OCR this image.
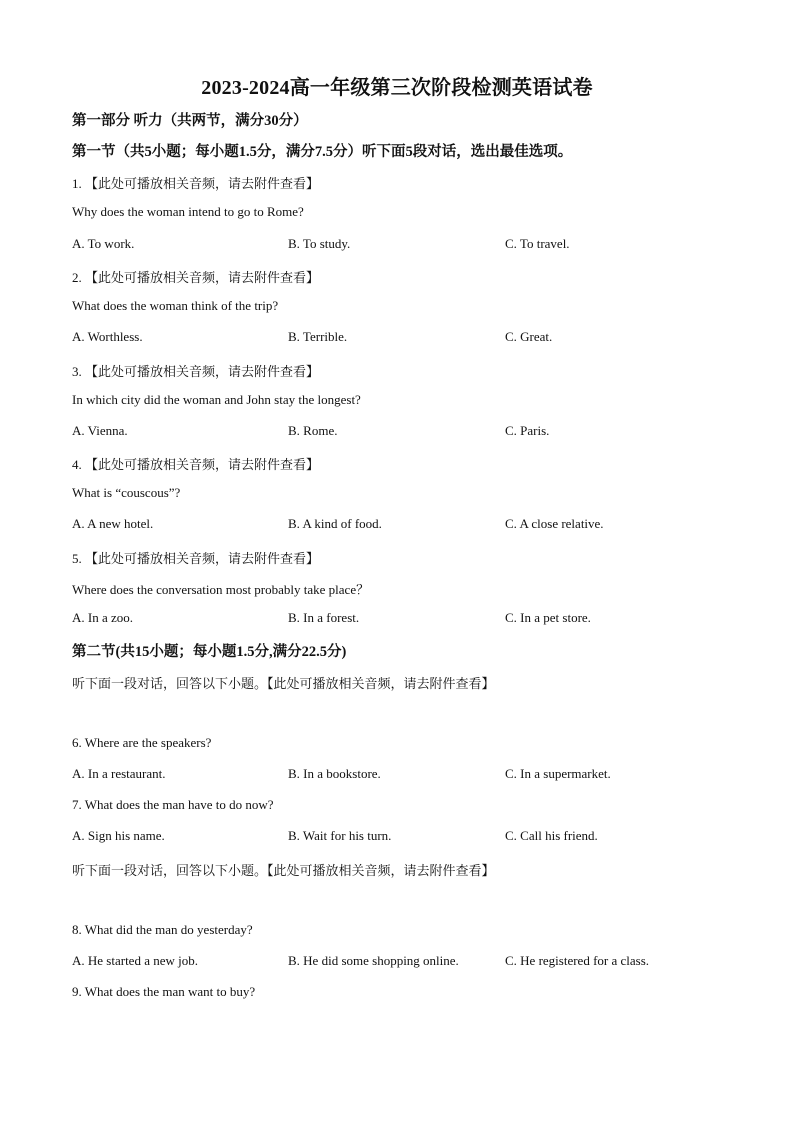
2023-2024高一年级第三次阶段检测英语试卷
第一部分 听力（共两节，满分30分）
第一节（共5小题；每小题1.5分，满分7.5分）听下面5段对话，选出最佳选项。
1. 【此处可播放相关音频，请去附件查看】
Why does the woman intend to go to Rome?
A. To work.	B. To study.	C. To travel.
2. 【此处可播放相关音频，请去附件查看】
What does the woman think of the trip?
A. Worthless.	B. Terrible.	C. Great.
3. 【此处可播放相关音频，请去附件查看】
In which city did the woman and John stay the longest?
A. Vienna.	B. Rome.	C. Paris.
4. 【此处可播放相关音频，请去附件查看】
What is “couscous”?
A. A new hotel.	B. A kind of food.	C. A close relative.
5. 【此处可播放相关音频，请去附件查看】
Where does the conversation most probably take place？
A. In a zoo.	B. In a forest.	C. In a pet store.
第二节(共15小题；每小题1.5分,满分22.5分)
听下面一段对话，回答以下小题。【此处可播放相关音频，请去附件查看】
6. Where are the speakers?
A. In a restaurant.	B. In a bookstore.	C. In a supermarket.
7. What does the man have to do now?
A. Sign his name.	B. Wait for his turn.	C. Call his friend.
听下面一段对话，回答以下小题。【此处可播放相关音频，请去附件查看】
8. What did the man do yesterday?
A. He started a new job.	B. He did some shopping online.	C. He registered for a class.
9. What does the man want to buy?
